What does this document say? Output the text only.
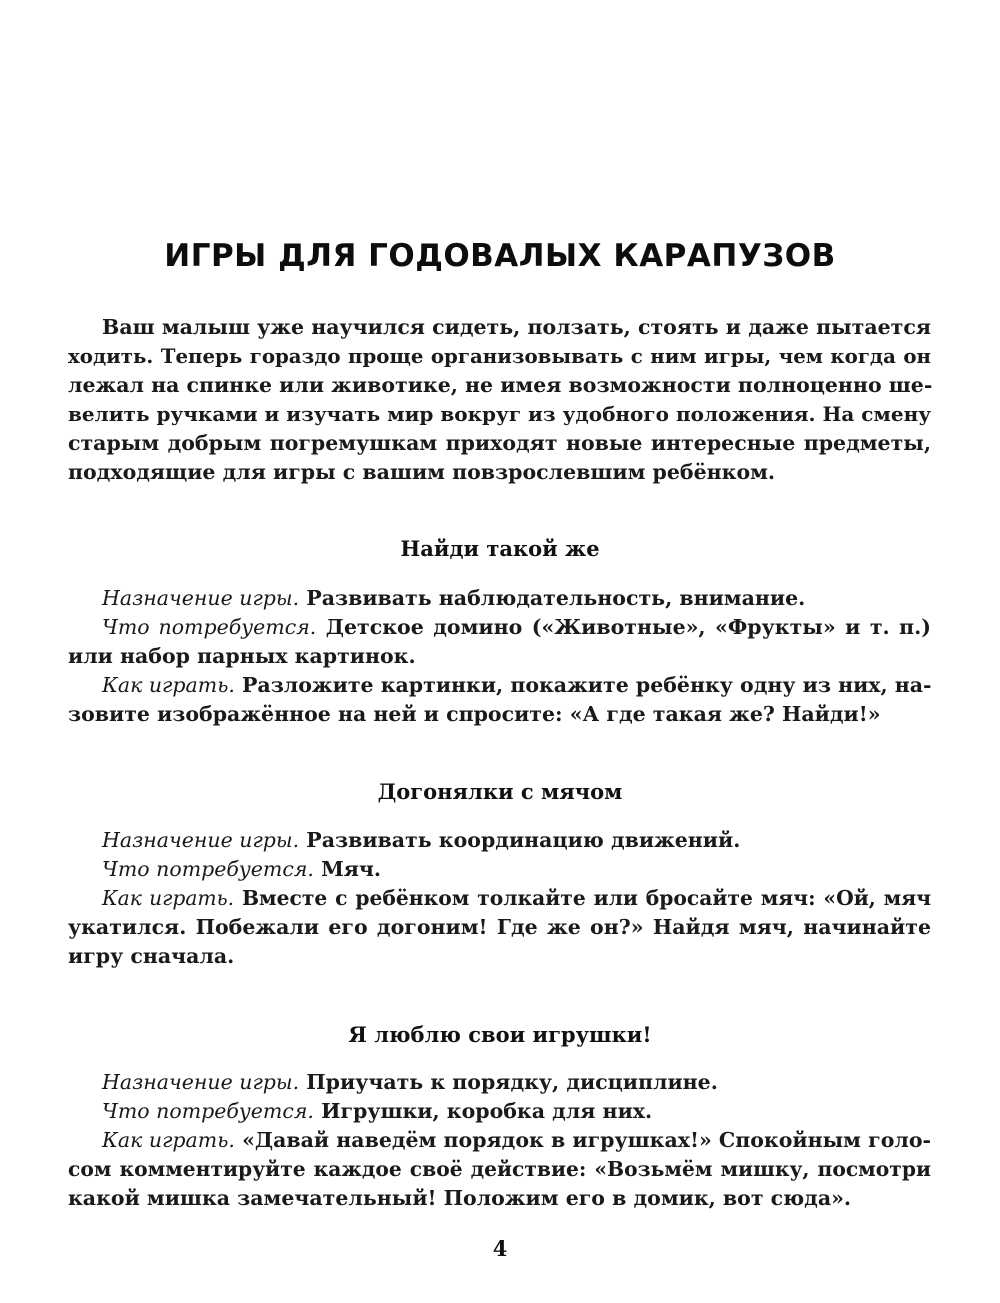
ИГРЫ ДЛЯ ГОДОВАЛЫХ КАРАПУЗОВ
Ваш малыш уже научился сидеть, ползать, стоять и даже пытается
ходить. Теперь гораздо проще организовывать с ним игры, чем когда он
лежал на спинке или животике, не имея возможности полноценно ше-
велить ручками и изучать мир вокруг из удобного положения. На смену
старым добрым погремушкам приходят новые интересные предметы,
подходящие для игры с вашим повзрослевшим ребёнком.
Найди такой же
Назначение игры. Развивать наблюдательность, внимание.
Что потребуется. Детское домино («Животные», «Фрукты» и т. п.)
или набор парных картинок.
Как играть. Разложите картинки, покажите ребёнку одну из них, на-
зовите изображённое на ней и спросите: «А где такая же? Найди!»
Догонялки с мячом
Назначение игры. Развивать координацию движений.
Что потребуется. Мяч.
Как играть. Вместе с ребёнком толкайте или бросайте мяч: «Ой, мяч
укатился. Побежали его догоним! Где же он?» Найдя мяч, начинайте
игру сначала.
Я люблю свои игрушки!
Назначение игры. Приучать к порядку, дисциплине.
Что потребуется. Игрушки, коробка для них.
Как играть. «Давай наведём порядок в игрушках!» Спокойным голо-
сом комментируйте каждое своё действие: «Возьмём мишку, посмотри
какой мишка замечательный! Положим его в домик, вот сюда».
4
